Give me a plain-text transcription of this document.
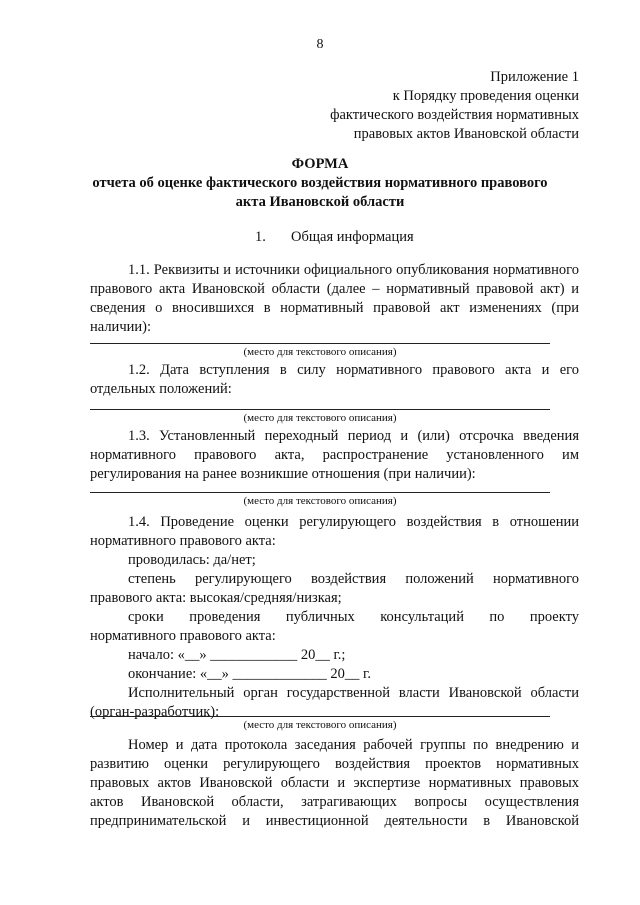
8
Приложение 1
к Порядку проведения оценки
фактического воздействия нормативных
правовых актов Ивановской области
ФОРМА
отчета об оценке фактического воздействия нормативного правового
акта Ивановской области
1. Общая информация
1.1. Реквизиты и источники официального опубликования нормативного правового акта Ивановской области (далее – нормативный правовой акт) и сведения о вносившихся в нормативный правовой акт изменениях (при наличии):
(место для текстового описания)
1.2. Дата вступления в силу нормативного правового акта и его отдельных положений:
(место для текстового описания)
1.3. Установленный переходный период и (или) отсрочка введения нормативного правового акта, распространение установленного им регулирования на ранее возникшие отношения (при наличии):
(место для текстового описания)
1.4. Проведение оценки регулирующего воздействия в отношении
нормативного правового акта:
проводилась: да/нет;
степень регулирующего воздействия положений нормативного
правового акта: высокая/средняя/низкая;
сроки проведения публичных консультаций по проекту
нормативного правового акта:
начало: «__» ____________ 20__ г.;
окончание: «__» _____________ 20__ г.
Исполнительный орган государственной власти Ивановской области
(орган-разработчик):
(место для текстового описания)
Номер и дата протокола заседания рабочей группы по внедрению и развитию оценки регулирующего воздействия проектов нормативных правовых актов Ивановской области и экспертизе нормативных правовых актов Ивановской области, затрагивающих вопросы осуществления предпринимательской и инвестиционной деятельности в Ивановской
